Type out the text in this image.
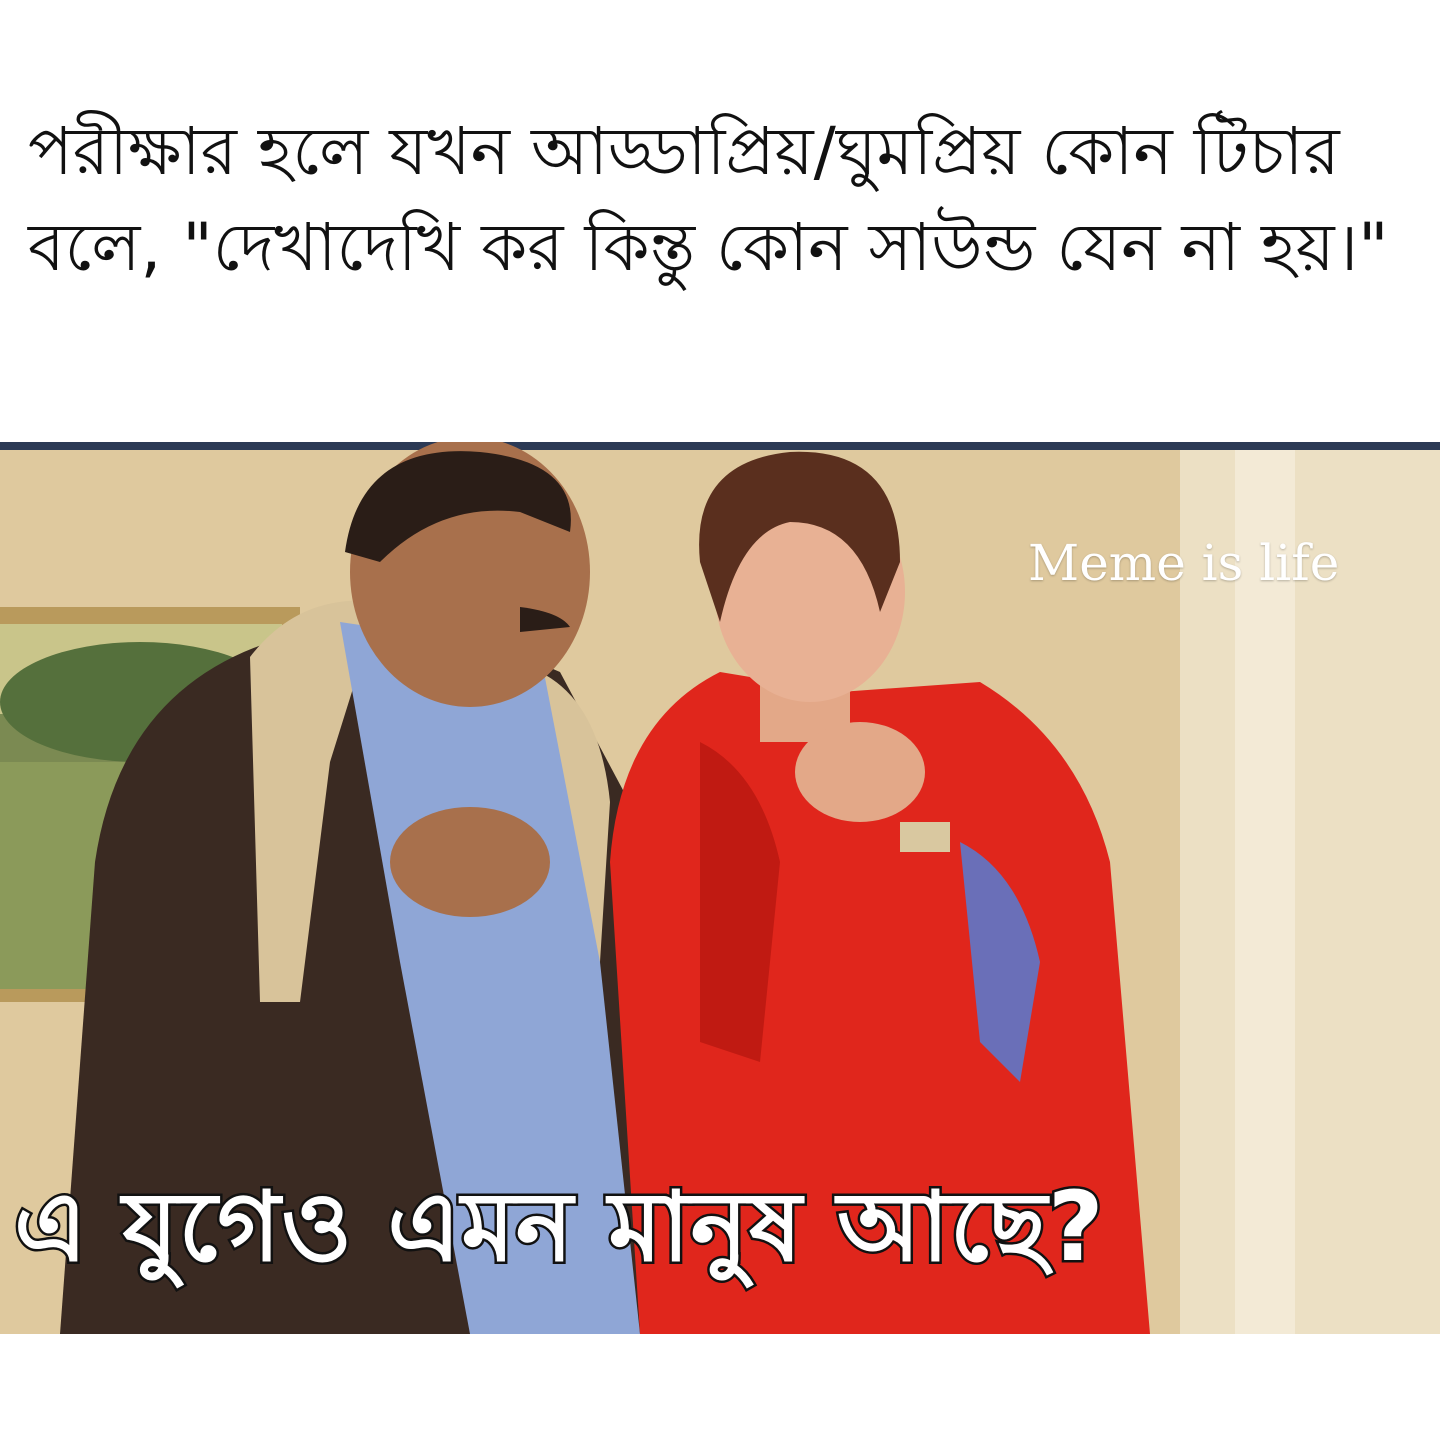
পরীক্ষার হলে যখন আড্ডাপ্রিয়/ঘুমপ্রিয় কোন টিচার বলে, "দেখাদেখি কর কিন্তু কোন সাউন্ড যেন না হয়।"

Meme is life
এ যুগেও এমন মানুষ আছে?
